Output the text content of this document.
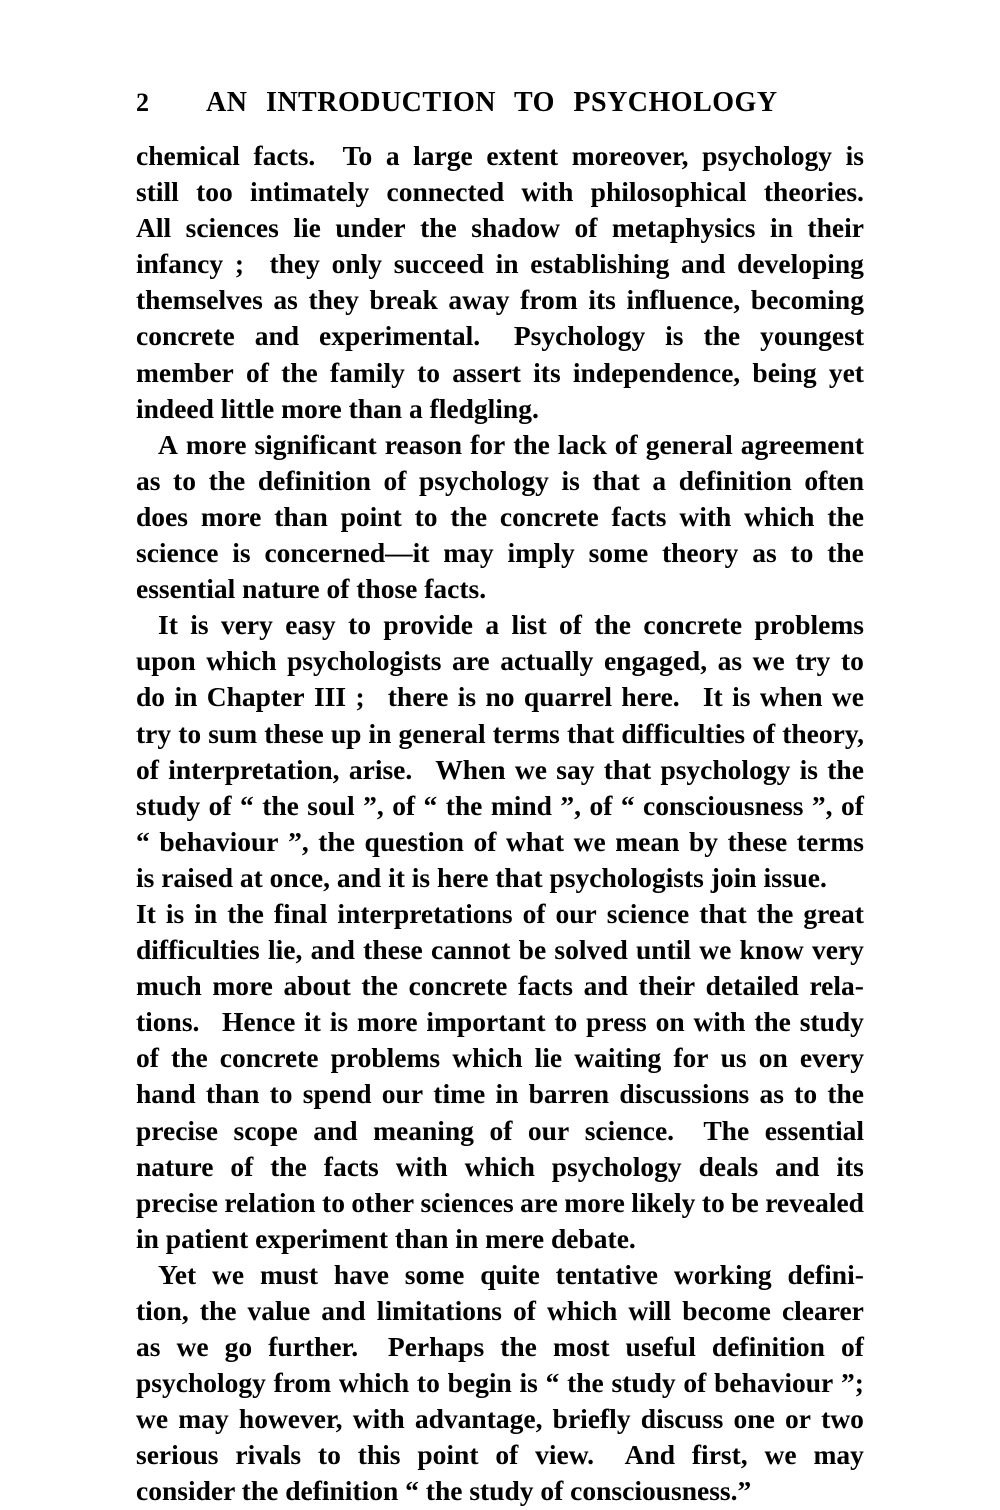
2	AN INTRODUCTION TO PSYCHOLOGY
chemical facts.  To a large extent moreover, psychology is
still too intimately connected with philosophical theories.
All sciences lie under the shadow of metaphysics in their
infancy ;  they only succeed in establishing and developing
themselves as they break away from its influence, becoming
concrete and experimental.  Psychology is the youngest
member of the family to assert its independence, being yet
indeed little more than a fledgling.
A more significant reason for the lack of general agreement
as to the definition of psychology is that a definition often
does more than point to the concrete facts with which the
science is concerned—it may imply some theory as to the
essential nature of those facts.
It is very easy to provide a list of the concrete problems
upon which psychologists are actually engaged, as we try to
do in Chapter III ;  there is no quarrel here.  It is when we
try to sum these up in general terms that difficulties of theory,
of interpretation, arise.  When we say that psychology is the
study of “ the soul ”, of “ the mind ”, of “ consciousness ”, of
“ behaviour ”, the question of what we mean by these terms
is raised at once, and it is here that psychologists join issue.
It is in the final interpretations of our science that the great
difficulties lie, and these cannot be solved until we know very
much more about the concrete facts and their detailed rela-
tions.  Hence it is more important to press on with the study
of the concrete problems which lie waiting for us on every
hand than to spend our time in barren discussions as to the
precise scope and meaning of our science.  The essential
nature of the facts with which psychology deals and its
precise relation to other sciences are more likely to be revealed
in patient experiment than in mere debate.
Yet we must have some quite tentative working defini-
tion, the value and limitations of which will become clearer
as we go further.  Perhaps the most useful definition of
psychology from which to begin is “ the study of behaviour ”;
we may however, with advantage, briefly discuss one or two
serious rivals to this point of view.  And first, we may
consider the definition “ the study of consciousness.”
